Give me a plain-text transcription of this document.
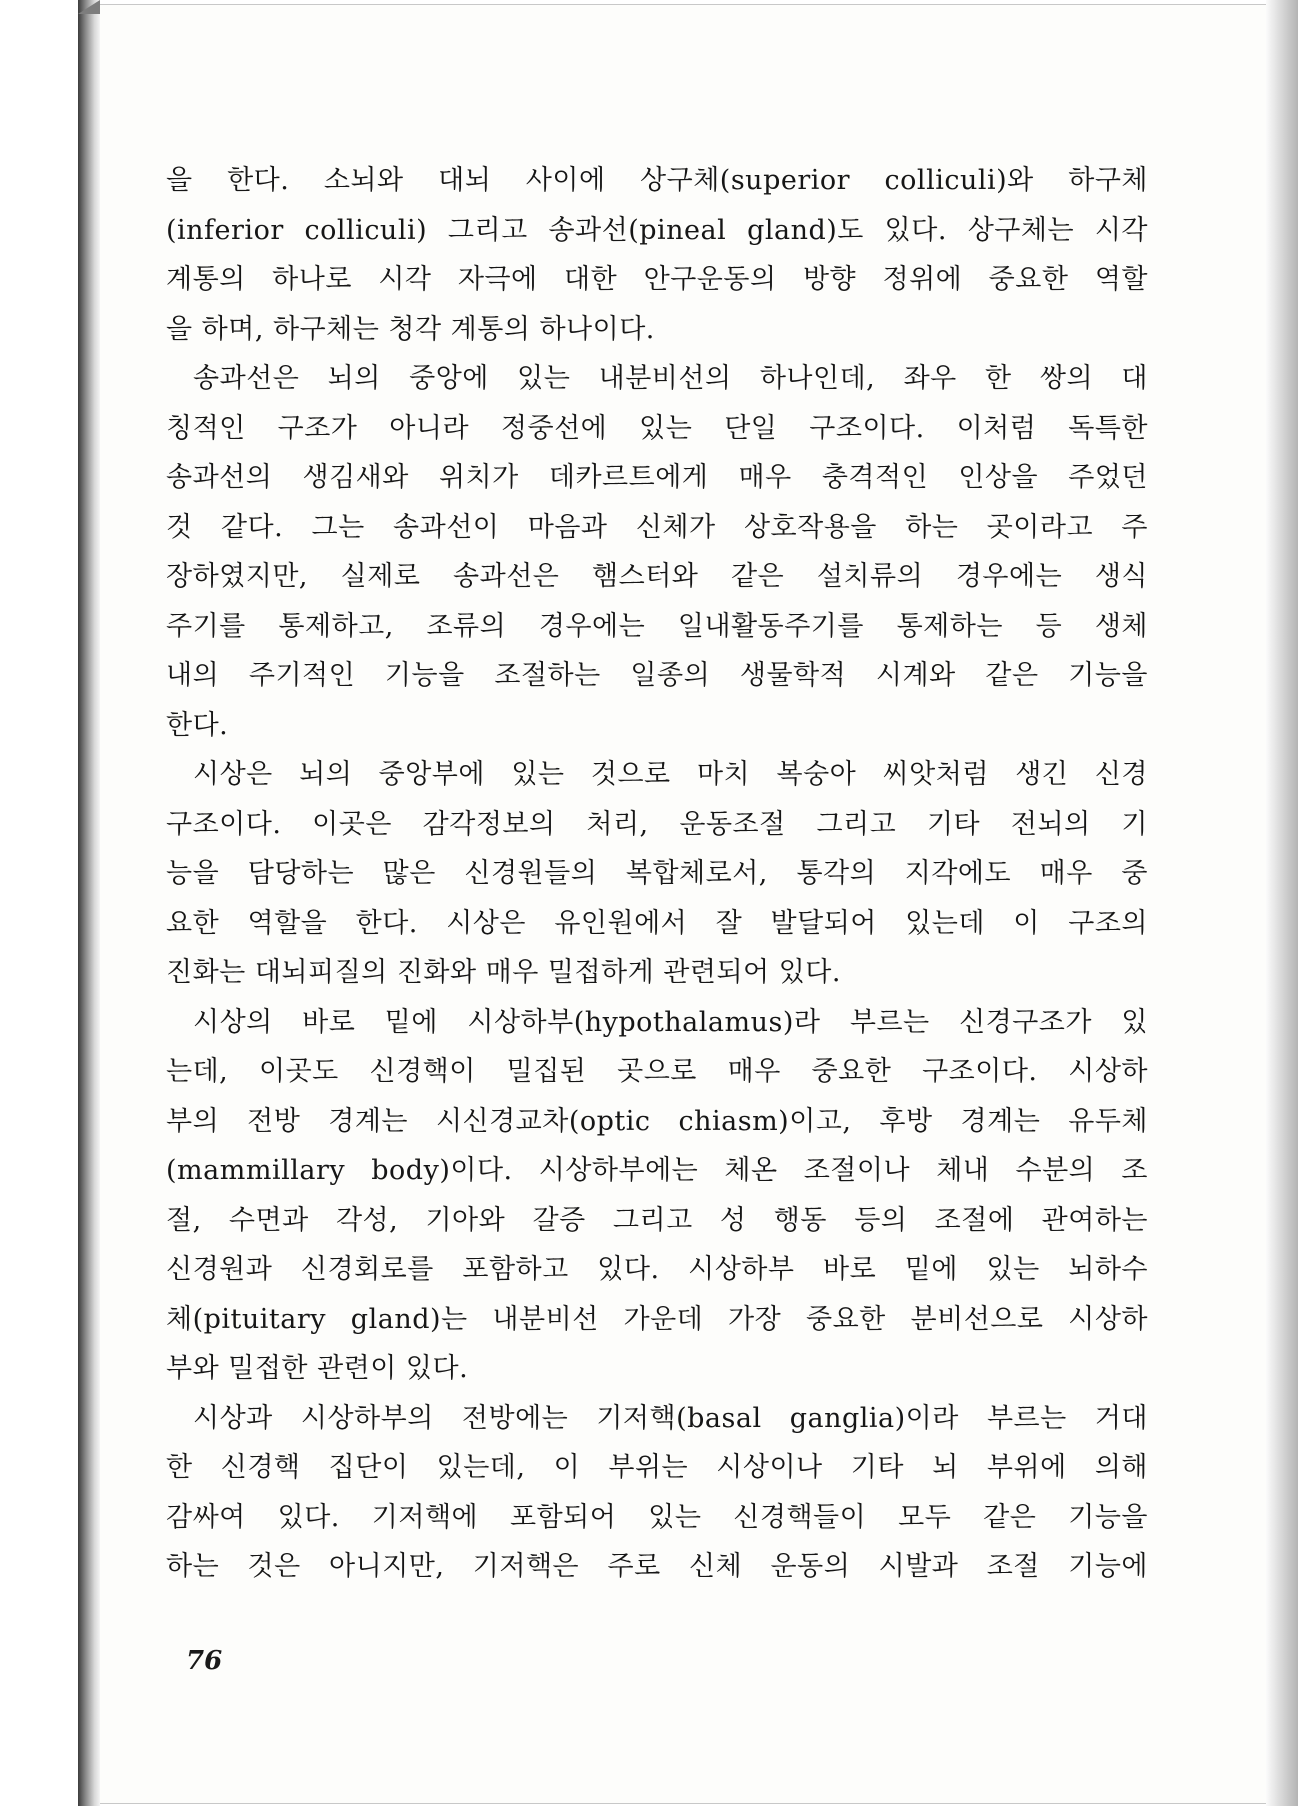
을 한다. 소뇌와 대뇌 사이에 상구체(superior colliculi)와 하구체
(inferior colliculi) 그리고 송과선(pineal gland)도 있다. 상구체는 시각
계통의 하나로 시각 자극에 대한 안구운동의 방향 정위에 중요한 역할
을 하며, 하구체는 청각 계통의 하나이다.
송과선은 뇌의 중앙에 있는 내분비선의 하나인데, 좌우 한 쌍의 대
칭적인 구조가 아니라 정중선에 있는 단일 구조이다. 이처럼 독특한
송과선의 생김새와 위치가 데카르트에게 매우 충격적인 인상을 주었던
것 같다. 그는 송과선이 마음과 신체가 상호작용을 하는 곳이라고 주
장하였지만, 실제로 송과선은 햄스터와 같은 설치류의 경우에는 생식
주기를 통제하고, 조류의 경우에는 일내활동주기를 통제하는 등 생체
내의 주기적인 기능을 조절하는 일종의 생물학적 시계와 같은 기능을
한다.
시상은 뇌의 중앙부에 있는 것으로 마치 복숭아 씨앗처럼 생긴 신경
구조이다. 이곳은 감각정보의 처리, 운동조절 그리고 기타 전뇌의 기
능을 담당하는 많은 신경원들의 복합체로서, 통각의 지각에도 매우 중
요한 역할을 한다. 시상은 유인원에서 잘 발달되어 있는데 이 구조의
진화는 대뇌피질의 진화와 매우 밀접하게 관련되어 있다.
시상의 바로 밑에 시상하부(hypothalamus)라 부르는 신경구조가 있
는데, 이곳도 신경핵이 밀집된 곳으로 매우 중요한 구조이다. 시상하
부의 전방 경계는 시신경교차(optic chiasm)이고, 후방 경계는 유두체
(mammillary body)이다. 시상하부에는 체온 조절이나 체내 수분의 조
절, 수면과 각성, 기아와 갈증 그리고 성 행동 등의 조절에 관여하는
신경원과 신경회로를 포함하고 있다. 시상하부 바로 밑에 있는 뇌하수
체(pituitary gland)는 내분비선 가운데 가장 중요한 분비선으로 시상하
부와 밀접한 관련이 있다.
시상과 시상하부의 전방에는 기저핵(basal ganglia)이라 부르는 거대
한 신경핵 집단이 있는데, 이 부위는 시상이나 기타 뇌 부위에 의해
감싸여 있다. 기저핵에 포함되어 있는 신경핵들이 모두 같은 기능을
하는 것은 아니지만, 기저핵은 주로 신체 운동의 시발과 조절 기능에
76
